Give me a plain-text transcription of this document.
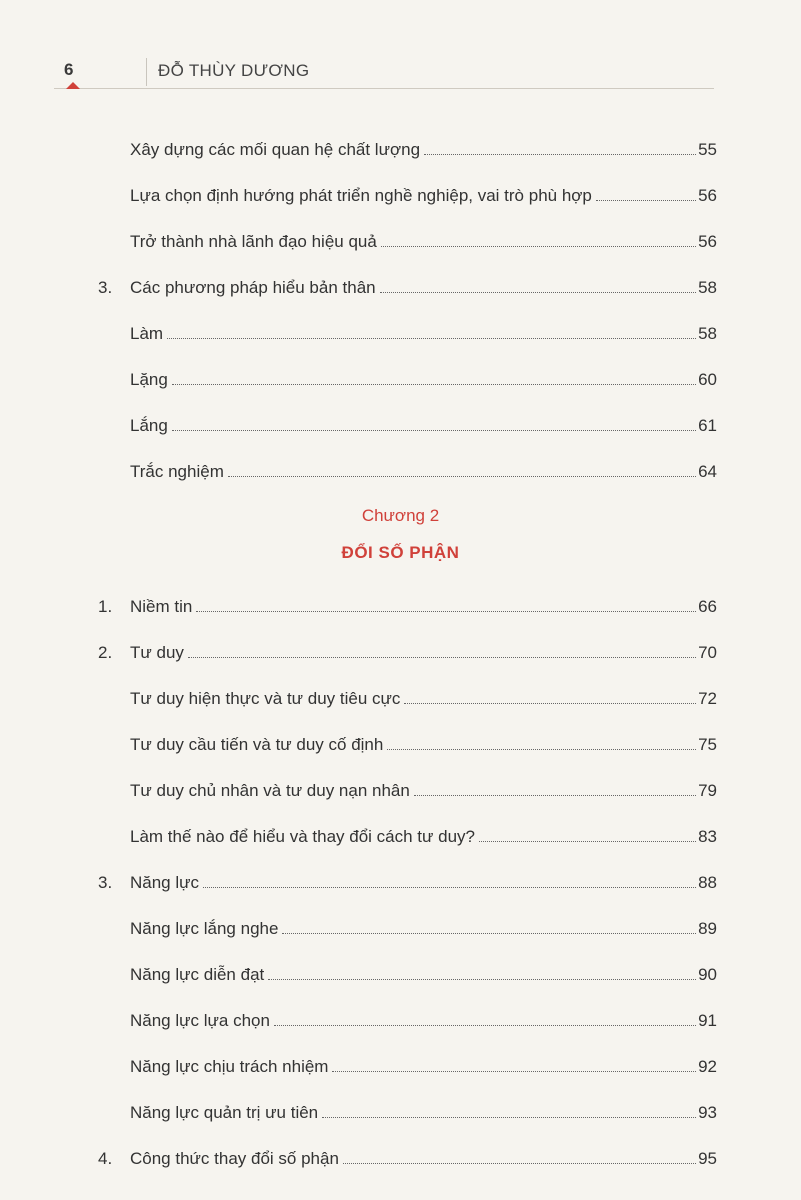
6	ĐỖ THÙY DƯƠNG
Xây dựng các mối quan hệ chất lượng	55
Lựa chọn định hướng phát triển nghề nghiệp, vai trò phù hợp	56
Trở thành nhà lãnh đạo hiệu quả	56
3.	Các phương pháp hiểu bản thân	58
Làm	58
Lặng	60
Lắng	61
Trắc nghiệm	64
Chương 2
ĐỔI SỐ PHẬN
1.	Niềm tin	66
2.	Tư duy	70
Tư duy hiện thực và tư duy tiêu cực	72
Tư duy cầu tiến và tư duy cố định	75
Tư duy chủ nhân và tư duy nạn nhân	79
Làm thế nào để hiểu và thay đổi cách tư duy?	83
3.	Năng lực	88
Năng lực lắng nghe	89
Năng lực diễn đạt	90
Năng lực lựa chọn	91
Năng lực chịu trách nhiệm	92
Năng lực quản trị ưu tiên	93
4.	Công thức thay đổi số phận	95
